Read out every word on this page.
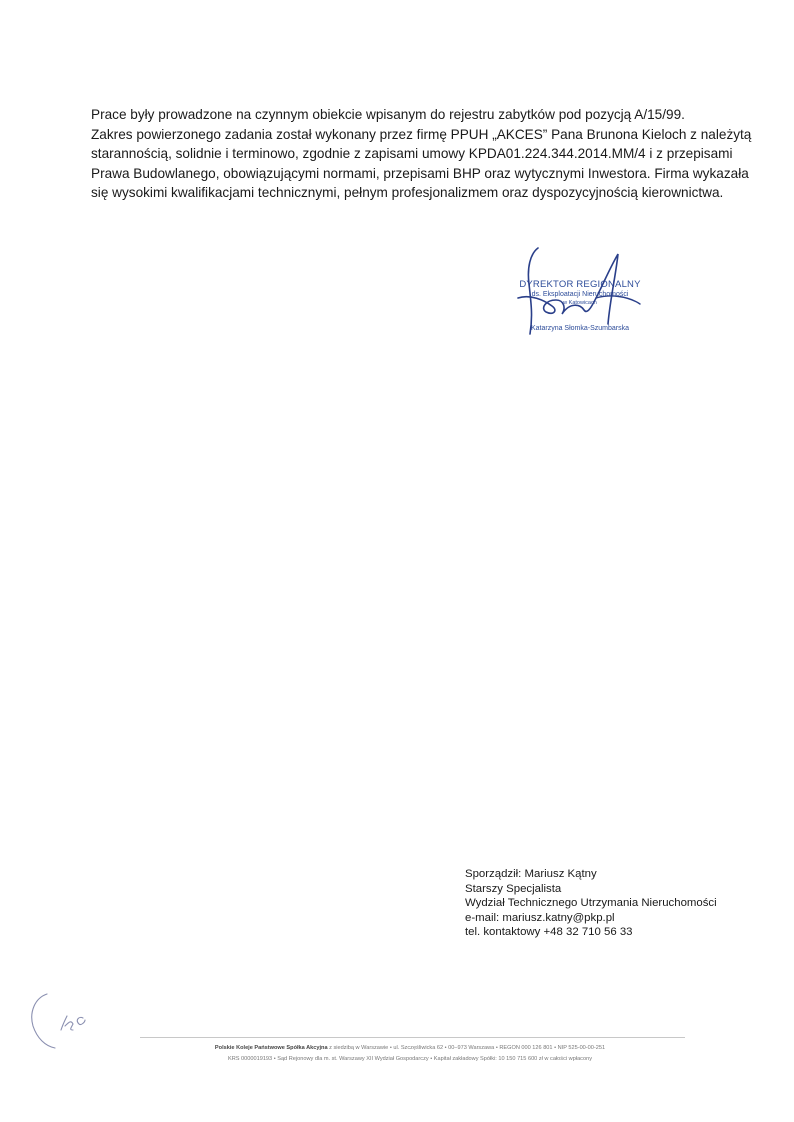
Prace były prowadzone na czynnym obiekcie wpisanym do rejestru zabytków pod pozycją A/15/99.

Zakres powierzonego zadania został wykonany przez firmę PPUH „AKCES” Pana Brunona Kieloch z należytą starannością, solidnie i terminowo, zgodnie z zapisami umowy KPDA01.224.344.2014.MM/4 i z przepisami Prawa Budowlanego, obowiązującymi normami, przepisami BHP oraz wytycznymi Inwestora. Firma wykazała się wysokimi kwalifikacjami technicznymi, pełnym profesjonalizmem oraz dyspozycyjnością kierownictwa.

DYREKTOR REGIONALNY
ds. Eksploatacji Nieruchomości
w Katowicach
Katarzyna Słomka-Szumbarska
Sporządził: Mariusz Kątny
Starszy Specjalista
Wydział Technicznego Utrzymania Nieruchomości
e-mail: mariusz.katny@pkp.pl
tel. kontaktowy +48 32 710 56 33
Polskie Koleje Państwowe Spółka Akcyjna z siedzibą w Warszawie • ul. Szczęśliwicka 62 • 00–973 Warszawa • REGON 000 126 801 • NIP 525-00-00-251
KRS 0000019193 • Sąd Rejonowy dla m. st. Warszawy XII Wydział Gospodarczy • Kapitał zakładowy Spółki: 10 150 715 600 zł w całości wpłacony
